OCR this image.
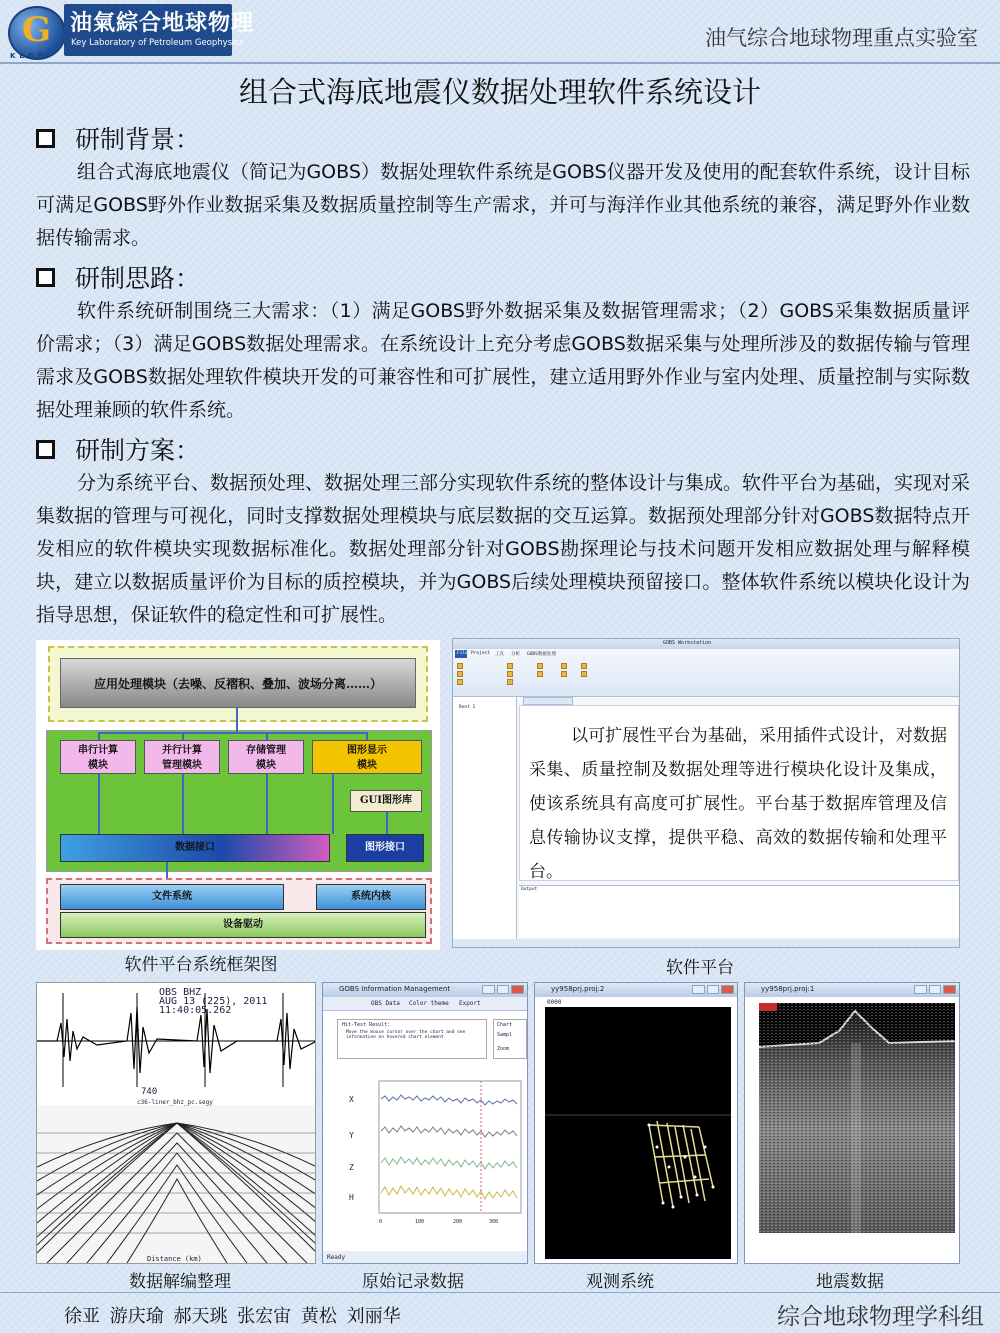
G
KLGP
油氣綜合地球物理
Key Laboratory of Petroleum Geophysics	油气综合地球物理重点实验室
组合式海底地震仪数据处理软件系统设计
研制背景：
组合式海底地震仪（简记为GOBS）数据处理软件系统是GOBS仪器开发及使用的配套软件系统，设计目标可满足GOBS野外作业数据采集及数据质量控制等生产需求，并可与海洋作业其他系统的兼容，满足野外作业数据传输需求。
研制思路：
软件系统研制围绕三大需求：（1）满足GOBS野外数据采集及数据管理需求；（2）GOBS采集数据质量评价需求；（3）满足GOBS数据处理需求。在系统设计上充分考虑GOBS数据采集与处理所涉及的数据传输与管理需求及GOBS数据处理软件模块开发的可兼容性和可扩展性，建立适用野外作业与室内处理、质量控制与实际数据处理兼顾的软件系统。
研制方案：
分为系统平台、数据预处理、数据处理三部分实现软件系统的整体设计与集成。软件平台为基础，实现对采集数据的管理与可视化，同时支撑数据处理模块与底层数据的交互运算。数据预处理部分针对GOBS数据特点开发相应的软件模块实现数据标准化。数据处理部分针对GOBS勘探理论与技术问题开发相应数据处理与解释模块，建立以数据质量评价为目标的质控模块，并为GOBS后续处理模块预留接口。整体软件系统以模块化设计为指导思想，保证软件的稳定性和可扩展性。
应用处理模块（去噪、反褶积、叠加、波场分离……）
串行计算
模块
并行计算
管理模块
存储管理
模块
图形显示
模块
GUI图形库
数据接口	图形接口
文件系统	系统内核
设备驱动
软件平台系统框架图
GOBS Workstation
Project 工具 分析 GOBS数据处理
File
Root 1
以可扩展性平台为基础，采用插件式设计，对数据采集、质量控制及数据处理等进行模块化设计及集成，使该系统具有高度可扩展性。平台基于数据库管理及信息传输协议支撑，提供平稳、高效的数据传输和处理平台。
Output
软件平台
OBS BHZ
AUG 13 (225), 2011
11:40:05.262
740
c36-liner_bhz_pc.segy
Distance (km)
数据解编整理
GOBS Information Management
OBS Data Color theme Export
Hit-Test Result:
Move the mouse cursor over the chart and see information on hovered chart element
Chart
Sampl
Zoom
X
Y
Z
H
0	100	200	300
Ready
原始记录数据
yy958prj.proj:2
0000
观测系统
yy958prj.proj:1
地震数据
徐亚 游庆瑜 郝天珧 张宏宙 黄松 刘丽华	综合地球物理学科组
